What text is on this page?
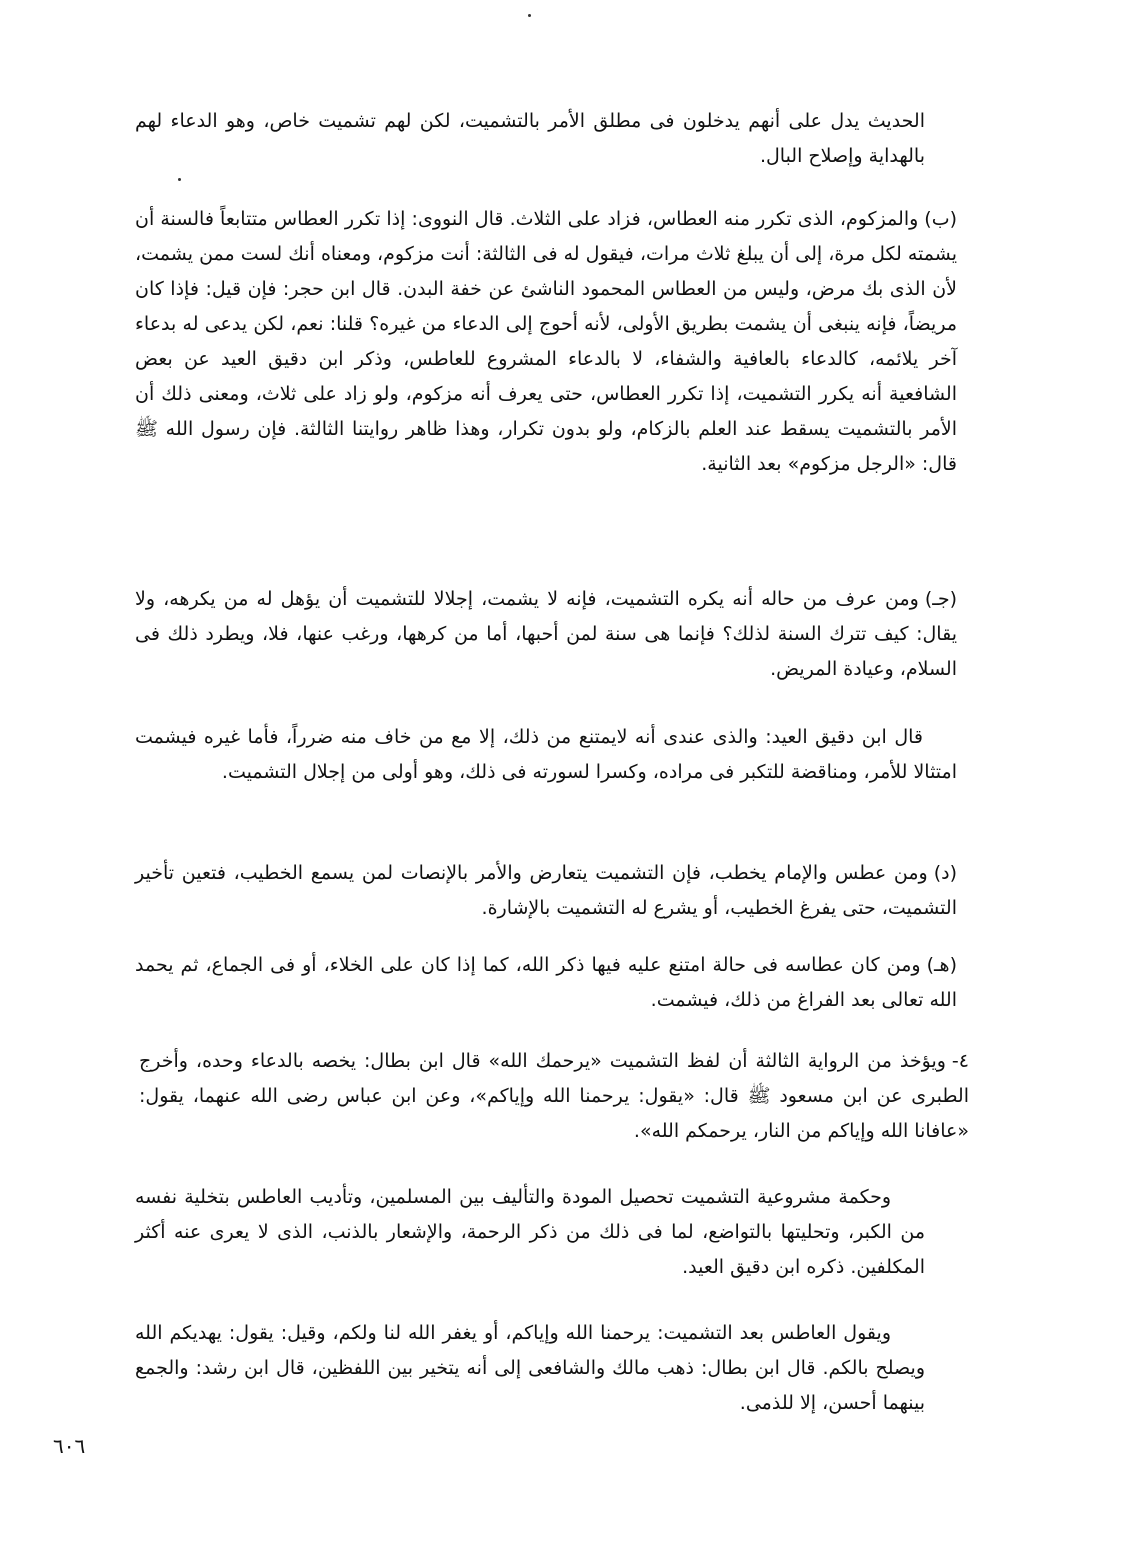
الحديث يدل على أنهم يدخلون فى مطلق الأمر بالتشميت، لكن لهم تشميت خاص، وهو الدعاء لهم بالهداية وإصلاح البال.
(ب)والمزكوم، الذى تكرر منه العطاس، فزاد على الثلاث. قال النووى: إذا تكرر العطاس متتابعاً فالسنة أن يشمته لكل مرة، إلى أن يبلغ ثلاث مرات، فيقول له فى الثالثة: أنت مزكوم، ومعناه أنك لست ممن يشمت، لأن الذى بك مرض، وليس من العطاس المحمود الناشئ عن خفة البدن. قال ابن حجر: فإن قيل: فإذا كان مريضاً، فإنه ينبغى أن يشمت بطريق الأولى، لأنه أحوج إلى الدعاء من غيره؟ قلنا: نعم، لكن يدعى له بدعاء آخر يلائمه، كالدعاء بالعافية والشفاء، لا بالدعاء المشروع للعاطس، وذكر ابن دقيق العيد عن بعض الشافعية أنه يكرر التشميت، إذا تكرر العطاس، حتى يعرف أنه مزكوم، ولو زاد على ثلاث، ومعنى ذلك أن الأمر بالتشميت يسقط عند العلم بالزكام، ولو بدون تكرار، وهذا ظاهر روايتنا الثالثة. فإن رسول الله ﷺ قال: «الرجل مزكوم» بعد الثانية.
(جـ)ومن عرف من حاله أنه يكره التشميت، فإنه لا يشمت، إجلالا للتشميت أن يؤهل له من يكرهه، ولا يقال: كيف تترك السنة لذلك؟ فإنما هى سنة لمن أحبها، أما من كرهها، ورغب عنها، فلا، ويطرد ذلك فى السلام، وعيادة المريض.
قال ابن دقيق العيد: والذى عندى أنه لايمتنع من ذلك، إلا مع من خاف منه ضرراً، فأما غيره فيشمت امتثالا للأمر، ومناقضة للتكبر فى مراده، وكسرا لسورته فى ذلك، وهو أولى من إجلال التشميت.
(د)ومن عطس والإمام يخطب، فإن التشميت يتعارض والأمر بالإنصات لمن يسمع الخطيب، فتعين تأخير التشميت، حتى يفرغ الخطيب، أو يشرع له التشميت بالإشارة.
(هـ)ومن كان عطاسه فى حالة امتنع عليه فيها ذكر الله، كما إذا كان على الخلاء، أو فى الجماع، ثم يحمد الله تعالى بعد الفراغ من ذلك، فيشمت.
٤-ويؤخذ من الرواية الثالثة أن لفظ التشميت «يرحمك الله» قال ابن بطال: يخصه بالدعاء وحده، وأخرج الطبرى عن ابن مسعود ﷺ قال: «يقول: يرحمنا الله وإياكم»، وعن ابن عباس رضى الله عنهما، يقول: «عافانا الله وإياكم من النار، يرحمكم الله».
وحكمة مشروعية التشميت تحصيل المودة والتأليف بين المسلمين، وتأديب العاطس بتخلية نفسه من الكبر، وتحليتها بالتواضع، لما فى ذلك من ذكر الرحمة، والإشعار بالذنب، الذى لا يعرى عنه أكثر المكلفين. ذكره ابن دقيق العيد.
ويقول العاطس بعد التشميت: يرحمنا الله وإياكم، أو يغفر الله لنا ولكم، وقيل: يقول: يهديكم الله ويصلح بالكم. قال ابن بطال: ذهب مالك والشافعى إلى أنه يتخير بين اللفظين، قال ابن رشد: والجمع بينهما أحسن، إلا للذمى.
٦٠٦
